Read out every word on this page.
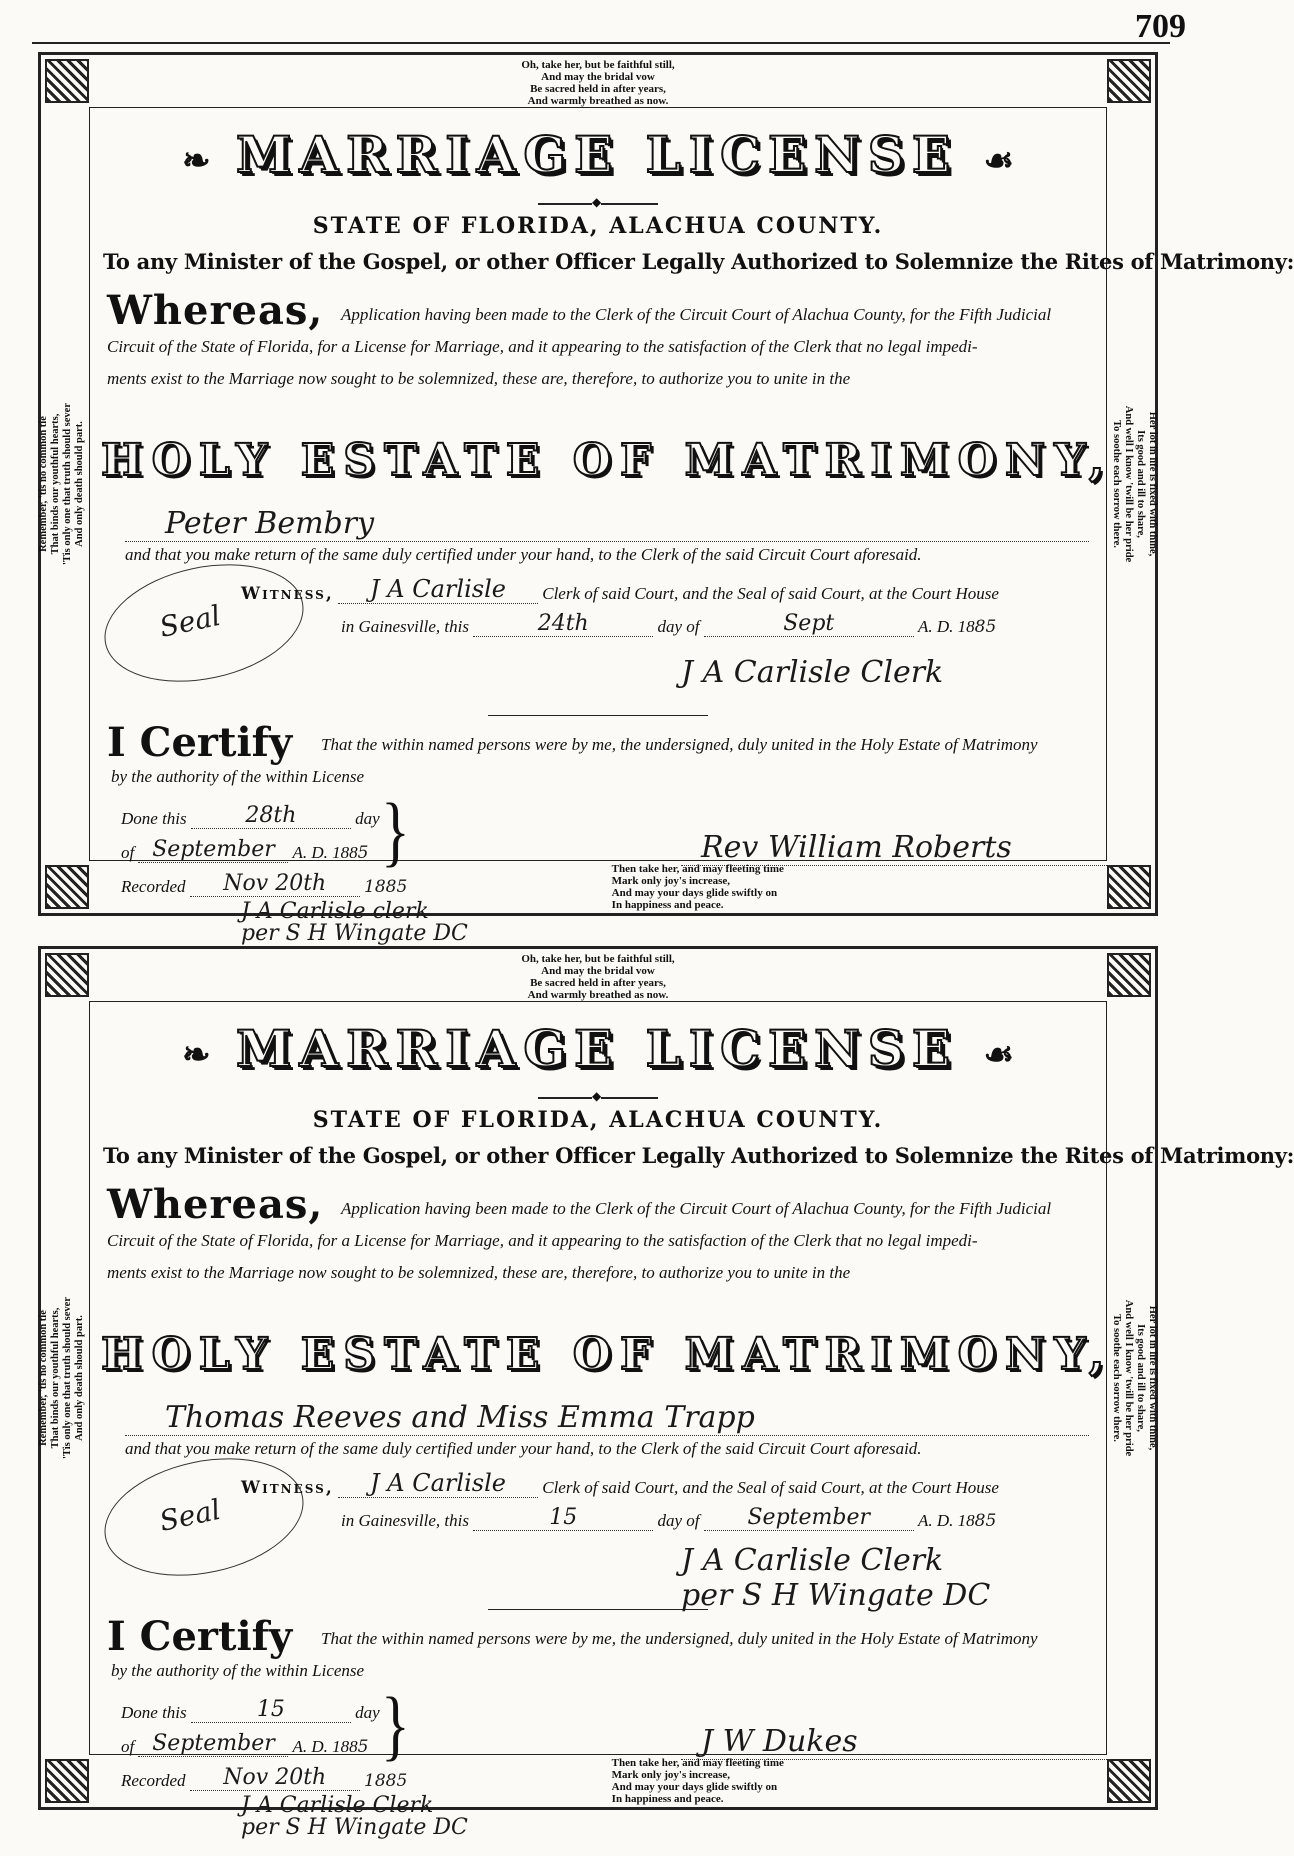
709
Oh, take her, but be faithful still,
And may the bridal vow
Be sacred held in after years,
And warmly breathed as now.
Remember, 'tis no common tie That binds our youthful hearts, 'Tis only one that truth should sever And only death should part.	Her lot in life is fixed with thine,
Its good and ill to share,
And well I know 'twill be her pride
To soothe each sorrow there.
❧ MARRIAGE LICENSE ☙
◆
STATE OF FLORIDA, ALACHUA COUNTY.
To any Minister of the Gospel, or other Officer Legally Authorized to Solemnize the Rites of Matrimony:
Whereas, Application having been made to the Clerk of the Circuit Court of Alachua County, for the Fifth Judicial
Circuit of the State of Florida, for a License for Marriage, and it appearing to the satisfaction of the Clerk that no legal impedi-
ments exist to the Marriage now sought to be solemnized, these are, therefore, to authorize you to unite in the
HOLY ESTATE OF MATRIMONY,
Peter Bembry
and that you make return of the same duly certified under your hand, to the Clerk of the said Circuit Court aforesaid.
Seal
Witness, J A Carlisle Clerk of said Court, and the Seal of said Court, at the Court House
in Gainesville, this	24th	day of	Sept	A. D. 1885
J A Carlisle Clerk
I Certify That the within named persons were by me, the undersigned, duly united in the Holy Estate of Matrimony
by the authority of the within License
Done this	28th	day
of September A. D. 1885 }
Recorded Nov 20th 1885
Rev William Roberts
J A Carlisle clerk
per S H Wingate DC
Then take her, and may fleeting time
Mark only joy's increase,
And may your days glide swiftly on
In happiness and peace.
Oh, take her, but be faithful still,
And may the bridal vow
Be sacred held in after years,
And warmly breathed as now.
Remember, 'tis no common tie That binds our youthful hearts, 'Tis only one that truth should sever And only death should part.	Her lot in life is fixed with thine,
Its good and ill to share,
And well I know 'twill be her pride
To soothe each sorrow there.
❧ MARRIAGE LICENSE ☙
◆
STATE OF FLORIDA, ALACHUA COUNTY.
To any Minister of the Gospel, or other Officer Legally Authorized to Solemnize the Rites of Matrimony:
Whereas, Application having been made to the Clerk of the Circuit Court of Alachua County, for the Fifth Judicial
Circuit of the State of Florida, for a License for Marriage, and it appearing to the satisfaction of the Clerk that no legal impedi-
ments exist to the Marriage now sought to be solemnized, these are, therefore, to authorize you to unite in the
HOLY ESTATE OF MATRIMONY,
Thomas Reeves and Miss Emma Trapp
and that you make return of the same duly certified under your hand, to the Clerk of the said Circuit Court aforesaid.
Seal
Witness, J A Carlisle Clerk of said Court, and the Seal of said Court, at the Court House
in Gainesville, this	15	day of September	A. D. 1885
J A Carlisle Clerk
per S H Wingate DC
I Certify That the within named persons were by me, the undersigned, duly united in the Holy Estate of Matrimony
by the authority of the within License
Done this	15	day
of September A. D. 1885 }
Recorded Nov 20th 1885
J W Dukes
J A Carlisle Clerk
per S H Wingate DC
Then take her, and may fleeting time
Mark only joy's increase,
And may your days glide swiftly on
In happiness and peace.
